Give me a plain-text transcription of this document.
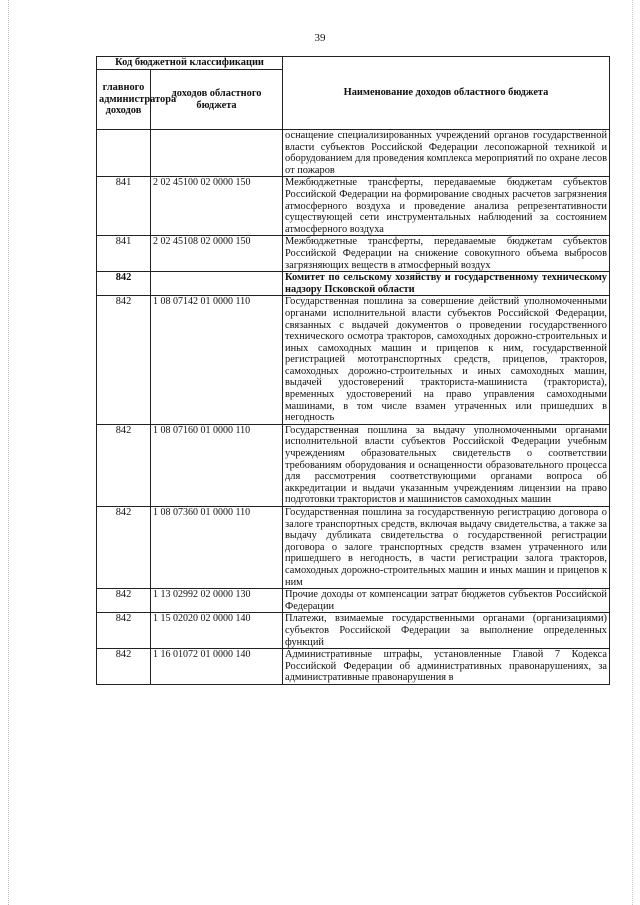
39
Код бюджетной классификации		Наименование доходов областного бюджета
главного администратора доходов	доходов областного бюджета	
		оснащение специализированных учреждений органов государственной власти субъектов Российской Федерации лесопожарной техникой и оборудованием для проведения комплекса мероприятий по охране лесов от пожаров
841	2 02 45100 02 0000 150	Межбюджетные трансферты, передаваемые бюджетам субъектов Российской Федерации на формирование сводных расчетов загрязнения атмосферного воздуха и проведение анализа репрезентативности существующей сети инструментальных наблюдений за состоянием атмосферного воздуха
841	2 02 45108 02 0000 150	Межбюджетные трансферты, передаваемые бюджетам субъектов Российской Федерации на снижение совокупного объема выбросов загрязняющих веществ в атмосферный воздух
842		Комитет по сельскому хозяйству и государственному техническому надзору Псковской области
842	1 08 07142 01 0000 110	Государственная пошлина за совершение действий уполномоченными органами исполнительной власти субъектов Российской Федерации, связанных с выдачей документов о проведении государственного технического осмотра тракторов, самоходных дорожно-строительных и иных самоходных машин и прицепов к ним, государственной регистрацией мототранспортных средств, прицепов, тракторов, самоходных дорожно-строительных и иных самоходных машин, выдачей удостоверений тракториста-машиниста (тракториста), временных удостоверений на право управления самоходными машинами, в том числе взамен утраченных или пришедших в негодность
842	1 08 07160 01 0000 110	Государственная пошлина за выдачу уполномоченными органами исполнительной власти субъектов Российской Федерации учебным учреждениям образовательных свидетельств о соответствии требованиям оборудования и оснащенности образовательного процесса для рассмотрения соответствующими органами вопроса об аккредитации и выдачи указанным учреждениям лицензии на право подготовки трактористов и машинистов самоходных машин
842	1 08 07360 01 0000 110	Государственная пошлина за государственную регистрацию договора о залоге транспортных средств, включая выдачу свидетельства, а также за выдачу дубликата свидетельства о государственной регистрации договора о залоге транспортных средств взамен утраченного или пришедшего в негодность, в части регистрации залога тракторов, самоходных дорожно-строительных машин и иных машин и прицепов к ним
842	1 13 02992 02 0000 130	Прочие доходы от компенсации затрат бюджетов субъектов Российской Федерации
842	1 15 02020 02 0000 140	Платежи, взимаемые государственными органами (организациями) субъектов Российской Федерации за выполнение определенных функций
842	1 16 01072 01 0000 140	Административные штрафы, установленные Главой 7 Кодекса Российской Федерации об административных правонарушениях, за административные правонарушения в
